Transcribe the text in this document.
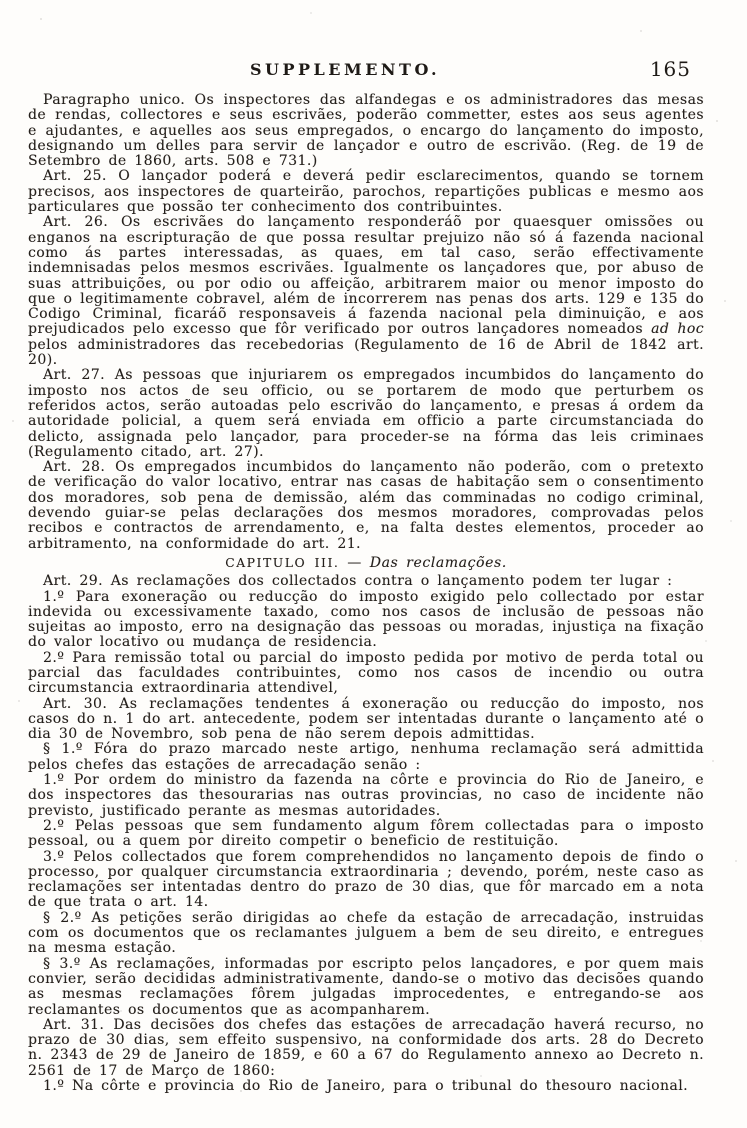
SUPPLEMENTO.	165

Paragrapho unico. Os inspectores das alfandegas e os administradores das mesas de rendas, collectores e seus escrivães, poderão commetter, estes aos seus agentes e ajudantes, e aquelles aos seus empregados, o encargo do lançamento do imposto, designando um delles para servir de lançador e outro de escrivão. (Reg. de 19 de Setembro de 1860, arts. 508 e 731.)

Art. 25. O lançador poderá e deverá pedir esclarecimentos, quando se tornem precisos, aos inspectores de quarteirão, parochos, repartições publicas e mesmo aos particulares que possão ter conhecimento dos contribuintes.

Art. 26. Os escrivães do lançamento responderáõ por quaesquer omissões ou enganos na escripturação de que possa resultar prejuizo não só á fazenda nacional como ás partes interessadas, as quaes, em tal caso, serão effectivamente indemnisadas pelos mesmos escrivães. Igualmente os lançadores que, por abuso de suas attribuições, ou por odio ou affeição, arbitrarem maior ou menor imposto do que o legitimamente cobravel, além de incorrerem nas penas dos arts. 129 e 135 do Codigo Criminal, ficaráõ responsaveis á fazenda nacional pela diminuição, e aos prejudicados pelo excesso que fôr verificado por outros lançadores nomeados ad hoc pelos administradores das recebedorias (Regulamento de 16 de Abril de 1842 art. 20).

Art. 27. As pessoas que injuriarem os empregados incumbidos do lançamento do imposto nos actos de seu officio, ou se portarem de modo que perturbem os referidos actos, serão autoadas pelo escrivão do lançamento, e presas á ordem da autoridade policial, a quem será enviada em officio a parte circumstanciada do delicto, assignada pelo lançador, para proceder-se na fórma das leis criminaes (Regulamento citado, art. 27).

Art. 28. Os empregados incumbidos do lançamento não poderão, com o pretexto de verificação do valor locativo, entrar nas casas de habitação sem o consentimento dos moradores, sob pena de demissão, além das comminadas no codigo criminal, devendo guiar-se pelas declarações dos mesmos moradores, comprovadas pelos recibos e contractos de arrendamento, e, na falta destes elementos, proceder ao arbitramento, na conformidade do art. 21.

CAPITULO III. — Das reclamações.

Art. 29. As reclamações dos collectados contra o lançamento podem ter lugar :

1.º Para exoneração ou reducção do imposto exigido pelo collectado por estar indevida ou excessivamente taxado, como nos casos de inclusão de pessoas não sujeitas ao imposto, erro na designação das pessoas ou moradas, injustiça na fixação do valor locativo ou mudança de residencia.

2.º Para remissão total ou parcial do imposto pedida por motivo de perda total ou parcial das faculdades contribuintes, como nos casos de incendio ou outra circumstancia extraordinaria attendivel,

Art. 30. As reclamações tendentes á exoneração ou reducção do imposto, nos casos do n. 1 do art. antecedente, podem ser intentadas durante o lançamento até o dia 30 de Novembro, sob pena de não serem depois admittidas.

§ 1.º Fóra do prazo marcado neste artigo, nenhuma reclamação será admittida pelos chefes das estações de arrecadação senão :

1.º Por ordem do ministro da fazenda na côrte e provincia do Rio de Janeiro, e dos inspectores das thesourarias nas outras provincias, no caso de incidente não previsto, justificado perante as mesmas autoridades.

2.º Pelas pessoas que sem fundamento algum fôrem collectadas para o imposto pessoal, ou a quem por direito competir o beneficio de restituição.

3.º Pelos collectados que forem comprehendidos no lançamento depois de findo o processo, por qualquer circumstancia extraordinaria ; devendo, porém, neste caso as reclamações ser intentadas dentro do prazo de 30 dias, que fôr marcado em a nota de que trata o art. 14.

§ 2.º As petições serão dirigidas ao chefe da estação de arrecadação, instruidas com os documentos que os reclamantes julguem a bem de seu direito, e entregues na mesma estação.

§ 3.º As reclamações, informadas por escripto pelos lançadores, e por quem mais convier, serão decididas administrativamente, dando-se o motivo das decisões quando as mesmas reclamações fôrem julgadas improcedentes, e entregando-se aos reclamantes os documentos que as acompanharem.

Art. 31. Das decisões dos chefes das estações de arrecadação haverá recurso, no prazo de 30 dias, sem effeito suspensivo, na conformidade dos arts. 28 do Decreto n. 2343 de 29 de Janeiro de 1859, e 60 a 67 do Regulamento annexo ao Decreto n. 2561 de 17 de Março de 1860:

1.º Na côrte e provincia do Rio de Janeiro, para o tribunal do thesouro nacional.
